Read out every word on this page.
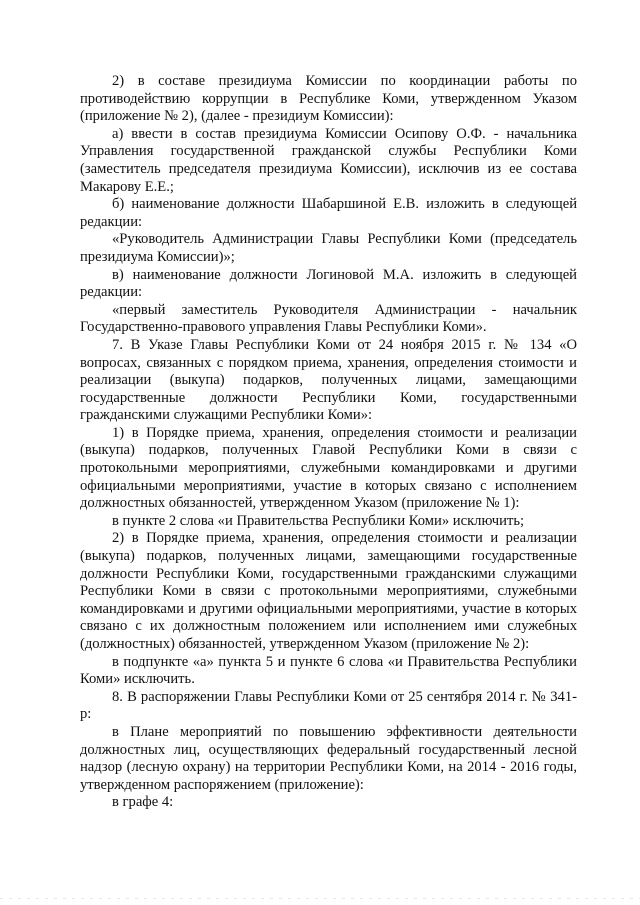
2) в составе президиума Комиссии по координации работы по противодействию коррупции в Республике Коми, утвержденном Указом (приложение № 2), (далее - президиум Комиссии):

а) ввести в состав президиума Комиссии Осипову О.Ф. - начальника Управления государственной гражданской службы Республики Коми (заместитель председателя президиума Комиссии), исключив из ее состава Макарову Е.Е.;

б) наименование должности Шабаршиной Е.В. изложить в следующей редакции:

«Руководитель Администрации Главы Республики Коми (председатель президиума Комиссии)»;

в) наименование должности Логиновой М.А. изложить в следующей редакции:

«первый заместитель Руководителя Администрации - начальник Государственно-правового управления Главы Республики Коми».

7. В Указе Главы Республики Коми от 24 ноября 2015 г. № 134 «О вопросах, связанных с порядком приема, хранения, определения стоимости и реализации (выкупа) подарков, полученных лицами, замещающими государственные должности Республики Коми, государственными гражданскими служащими Республики Коми»:

1) в Порядке приема, хранения, определения стоимости и реализации (выкупа) подарков, полученных Главой Республики Коми в связи с протокольными мероприятиями, служебными командировками и другими официальными мероприятиями, участие в которых связано с исполнением должностных обязанностей, утвержденном Указом (приложение № 1):

в пункте 2 слова «и Правительства Республики Коми» исключить;

2) в Порядке приема, хранения, определения стоимости и реализации (выкупа) подарков, полученных лицами, замещающими государственные должности Республики Коми, государственными гражданскими служащими Республики Коми в связи с протокольными мероприятиями, служебными командировками и другими официальными мероприятиями, участие в которых связано с их должностным положением или исполнением ими служебных (должностных) обязанностей, утвержденном Указом (приложение № 2):

в подпункте «а» пункта 5 и пункте 6 слова «и Правительства Республики Коми» исключить.

8. В распоряжении Главы Республики Коми от 25 сентября 2014 г. № 341-р:

в Плане мероприятий по повышению эффективности деятельности должностных лиц, осуществляющих федеральный государственный лесной надзор (лесную охрану) на территории Республики Коми, на 2014 - 2016 годы, утвержденном распоряжением (приложение):

в графе 4:
